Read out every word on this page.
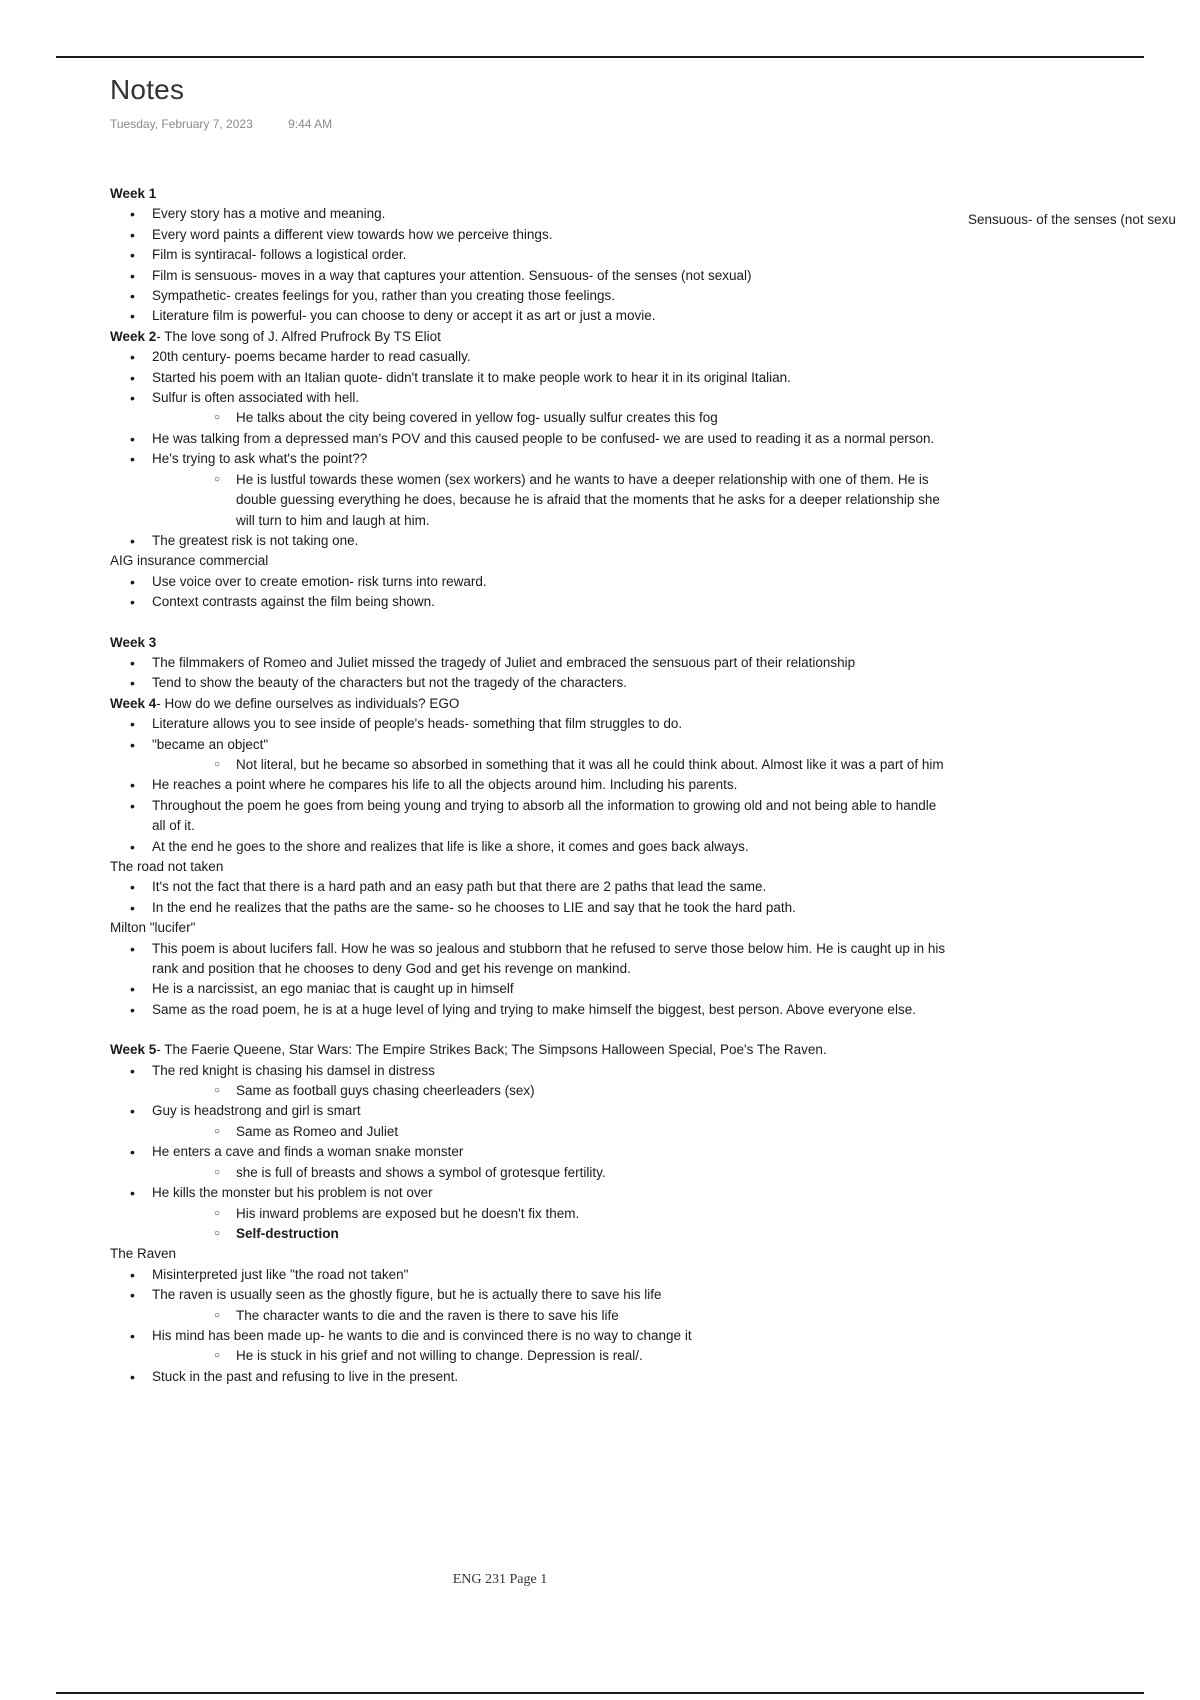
Notes
Tuesday, February 7, 2023	9:44 AM
Sensuous- of the senses (not sexu

Week 1

• Every story has a motive and meaning.
• Every word paints a different view towards how we perceive things.
• Film is syntiracal- follows a logistical order.
• Film is sensuous- moves in a way that captures your attention. Sensuous- of the senses (not sexual)
• Sympathetic- creates feelings for you, rather than you creating those feelings.
• Literature film is powerful- you can choose to deny or accept it as art or just a movie.

Week 2- The love song of J. Alfred Prufrock By TS Eliot

• 20th century- poems became harder to read casually.
• Started his poem with an Italian quote- didn't translate it to make people work to hear it in its original Italian.
• Sulfur is often associated with hell.
○ He talks about the city being covered in yellow fog- usually sulfur creates this fog
• He was talking from a depressed man's POV and this caused people to be confused- we are used to reading it as a normal person.
• He's trying to ask what's the point??
○ He is lustful towards these women (sex workers) and he wants to have a deeper relationship with one of them. He is double guessing everything he does, because he is afraid that the moments that he asks for a deeper relationship she will turn to him and laugh at him.
• The greatest risk is not taking one.

AIG insurance commercial

• Use voice over to create emotion- risk turns into reward.
• Context contrasts against the film being shown.

Week 3

• The filmmakers of Romeo and Juliet missed the tragedy of Juliet and embraced the sensuous part of their relationship
• Tend to show the beauty of the characters but not the tragedy of the characters.

Week 4- How do we define ourselves as individuals? EGO

• Literature allows you to see inside of people's heads- something that film struggles to do.
• "became an object"
○ Not literal, but he became so absorbed in something that it was all he could think about. Almost like it was a part of him
• He reaches a point where he compares his life to all the objects around him. Including his parents.
• Throughout the poem he goes from being young and trying to absorb all the information to growing old and not being able to handle all of it.
• At the end he goes to the shore and realizes that life is like a shore, it comes and goes back always.

The road not taken

• It's not the fact that there is a hard path and an easy path but that there are 2 paths that lead the same.
• In the end he realizes that the paths are the same- so he chooses to LIE and say that he took the hard path.

Milton "lucifer"

• This poem is about lucifers fall. How he was so jealous and stubborn that he refused to serve those below him. He is caught up in his rank and position that he chooses to deny God and get his revenge on mankind.
• He is a narcissist, an ego maniac that is caught up in himself
• Same as the road poem, he is at a huge level of lying and trying to make himself the biggest, best person. Above everyone else.

Week 5- The Faerie Queene, Star Wars: The Empire Strikes Back; The Simpsons Halloween Special, Poe's The Raven.

• The red knight is chasing his damsel in distress
○ Same as football guys chasing cheerleaders (sex)
• Guy is headstrong and girl is smart
○ Same as Romeo and Juliet
• He enters a cave and finds a woman snake monster
○ she is full of breasts and shows a symbol of grotesque fertility.
• He kills the monster but his problem is not over
○ His inward problems are exposed but he doesn't fix them.
○ Self-destruction

The Raven

• Misinterpreted just like "the road not taken"
• The raven is usually seen as the ghostly figure, but he is actually there to save his life
○ The character wants to die and the raven is there to save his life
• His mind has been made up- he wants to die and is convinced there is no way to change it
○ He is stuck in his grief and not willing to change. Depression is real/.
• Stuck in the past and refusing to live in the present.
ENG 231 Page 1
